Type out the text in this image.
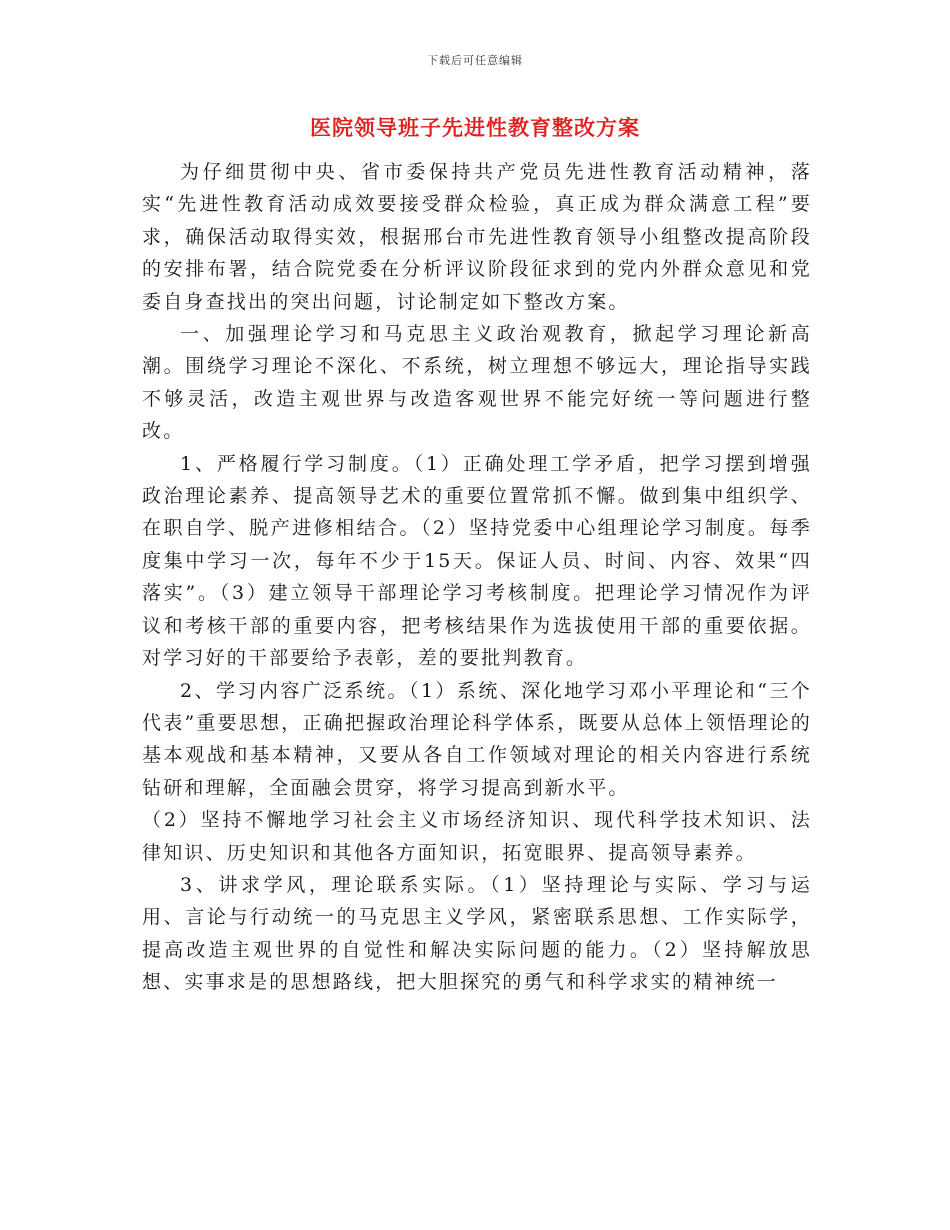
下载后可任意编辑
医院领导班子先进性教育整改方案

为仔细贯彻中央、省市委保持共产党员先进性教育活动精神，落实“先进性教育活动成效要接受群众检验，真正成为群众满意工程”要求，确保活动取得实效，根据邢台市先进性教育领导小组整改提高阶段的安排布署，结合院党委在分析评议阶段征求到的党内外群众意见和党委自身查找出的突出问题，讨论制定如下整改方案。

一、加强理论学习和马克思主义政治观教育，掀起学习理论新高潮。围绕学习理论不深化、不系统，树立理想不够远大，理论指导实践不够灵活，改造主观世界与改造客观世界不能完好统一等问题进行整改。

1、严格履行学习制度。（1）正确处理工学矛盾，把学习摆到增强政治理论素养、提高领导艺术的重要位置常抓不懈。做到集中组织学、在职自学、脱产进修相结合。（2）坚持党委中心组理论学习制度。每季度集中学习一次，每年不少于15天。保证人员、时间、内容、效果“四落实”。（3）建立领导干部理论学习考核制度。把理论学习情况作为评议和考核干部的重要内容，把考核结果作为选拔使用干部的重要依据。对学习好的干部要给予表彰，差的要批判教育。

2、学习内容广泛系统。（1）系统、深化地学习邓小平理论和“三个代表”重要思想，正确把握政治理论科学体系，既要从总体上领悟理论的基本观战和基本精神，又要从各自工作领域对理论的相关内容进行系统钻研和理解，全面融会贯穿，将学习提高到新水平。

（2）坚持不懈地学习社会主义市场经济知识、现代科学技术知识、法律知识、历史知识和其他各方面知识，拓宽眼界、提高领导素养。

3、讲求学风，理论联系实际。（1）坚持理论与实际、学习与运用、言论与行动统一的马克思主义学风，紧密联系思想、工作实际学，提高改造主观世界的自觉性和解决实际问题的能力。（2）坚持解放思想、实事求是的思想路线，把大胆探究的勇气和科学求实的精神统一
